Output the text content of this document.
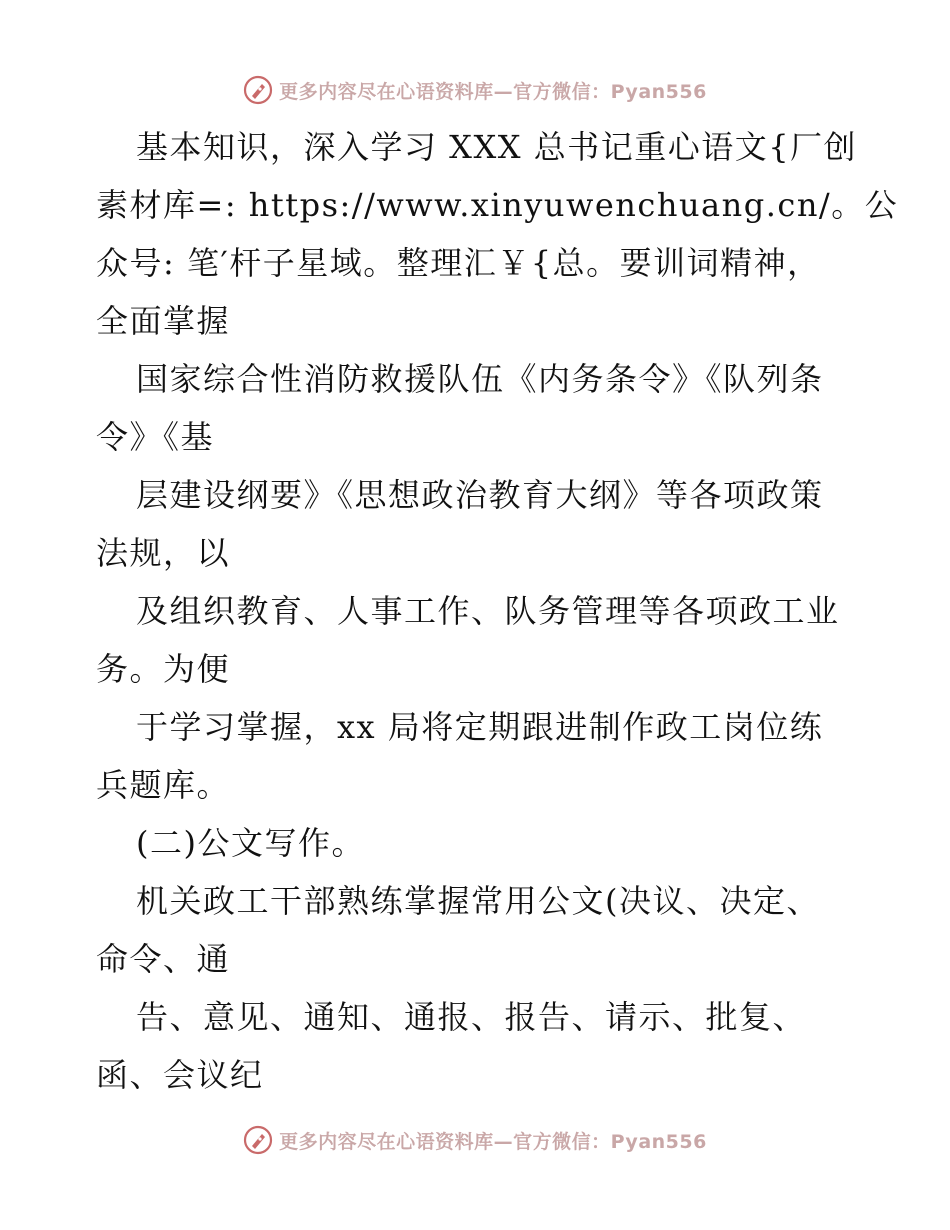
更多内容尽在心语资料库—官方微信：Pyan556
基本知识，深入学习 XXX 总书记重心语文{厂创
素材库=: https://www.xinyuwenchuang.cn/。公
众号: 笔′杆子星域。整理汇￥{总。要训词精神，
全面掌握
国家综合性消防救援队伍《内务条令》《队列条
令》《基
层建设纲要》《思想政治教育大纲》等各项政策
法规，以
及组织教育、人事工作、队务管理等各项政工业
务。为便
于学习掌握，xx 局将定期跟进制作政工岗位练
兵题库。
(二)公文写作。
机关政工干部熟练掌握常用公文(决议、决定、
命令、通
告、意见、通知、通报、报告、请示、批复、
函、会议纪
更多内容尽在心语资料库—官方微信：Pyan556
